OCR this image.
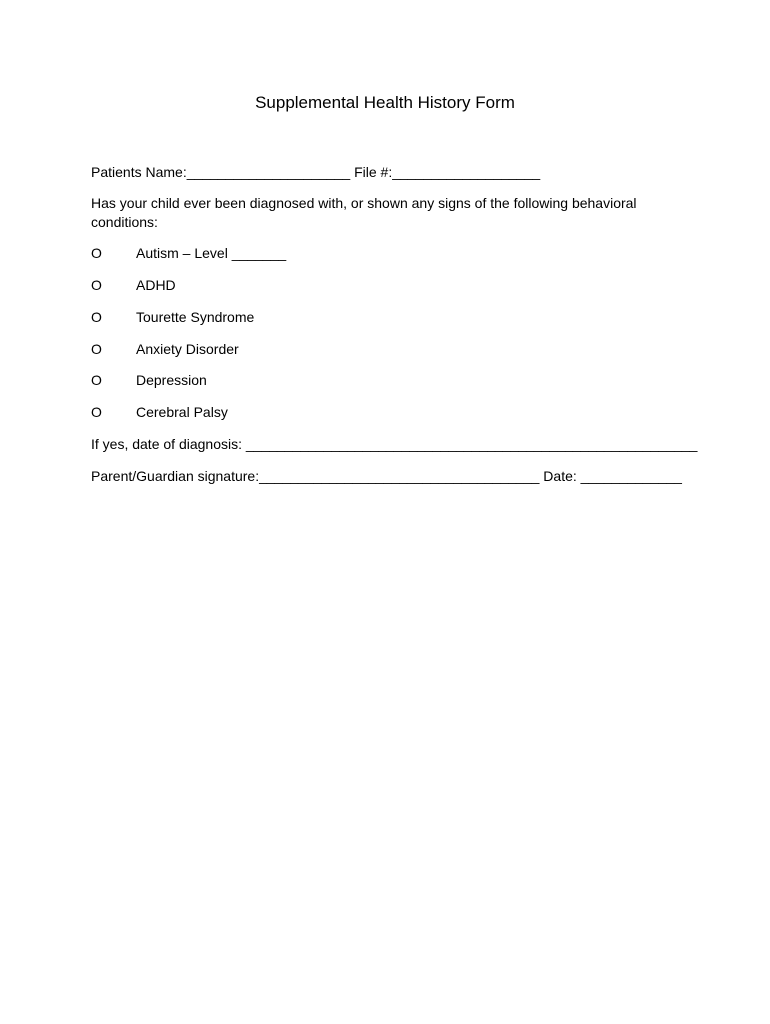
Supplemental Health History Form
Patients Name:_____________________ File #:___________________
Has your child ever been diagnosed with, or shown any signs of the following behavioral conditions:
O Autism – Level _______
O ADHD
O Tourette Syndrome
O Anxiety Disorder
O Depression
O Cerebral Palsy
If yes, date of diagnosis: __________________________________________________________
Parent/Guardian signature:____________________________________ Date: _____________
